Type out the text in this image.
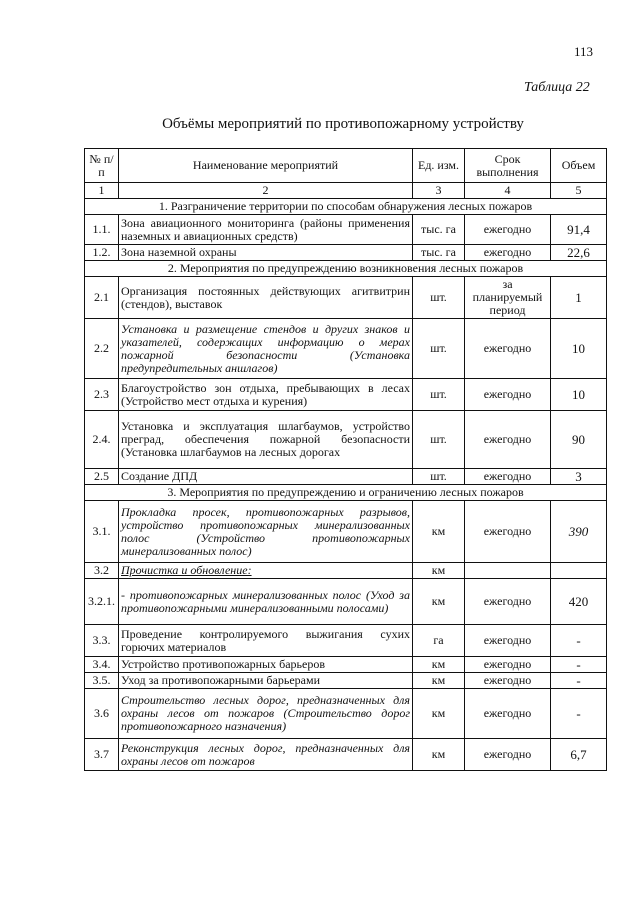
113
Таблица 22
Объёмы мероприятий по противопожарному устройству
№ п/п	Наименование мероприятий	Ед. изм.	Срок выполнения	Объем
1	2	3	4	5
1. Разграничение территории по способам обнаружения лесных пожаров				
1.1.	Зона авиационного мониторинга (районы применения наземных и авиационных средств)	тыс. га	ежегодно	91,4
1.2.	Зона наземной охраны	тыс. га	ежегодно	22,6
2. Мероприятия по предупреждению возникновения лесных пожаров				
2.1	Организация постоянных действующих агитвитрин (стендов), выставок	шт.	за планируемый период	1
2.2	Установка и размещение стендов и других знаков и указателей, содержащих информацию о мерах пожарной безопасности (Установка предупредительных аншлагов)	шт.	ежегодно	10
2.3	Благоустройство зон отдыха, пребывающих в лесах (Устройство мест отдыха и курения)	шт.	ежегодно	10
2.4.	Установка и эксплуатация шлагбаумов, устройство преград, обеспечения пожарной безопасности (Установка шлагбаумов на лесных дорогах	шт.	ежегодно	90
2.5	Создание ДПД	шт.	ежегодно	3
3. Мероприятия по предупреждению и ограничению лесных пожаров				
3.1.	Прокладка просек, противопожарных разрывов, устройство противопожарных минерализованных полос (Устройство противопожарных минерализованных полос)	км	ежегодно	390
3.2	Прочистка и обновление:	км		
3.2.1.	- противопожарных минерализованных полос (Уход за противопожарными минерализованными полосами)	км	ежегодно	420
3.3.	Проведение контролируемого выжигания сухих горючих материалов	га	ежегодно	-
3.4.	Устройство противопожарных барьеров	км	ежегодно	-
3.5.	Уход за противопожарными барьерами	км	ежегодно	-
3.6	Строительство лесных дорог, предназначенных для охраны лесов от пожаров (Строительство дорог противопожарного назначения)	км	ежегодно	-
3.7	Реконструкция лесных дорог, предназначенных для охраны лесов от пожаров	км	ежегодно	6,7
